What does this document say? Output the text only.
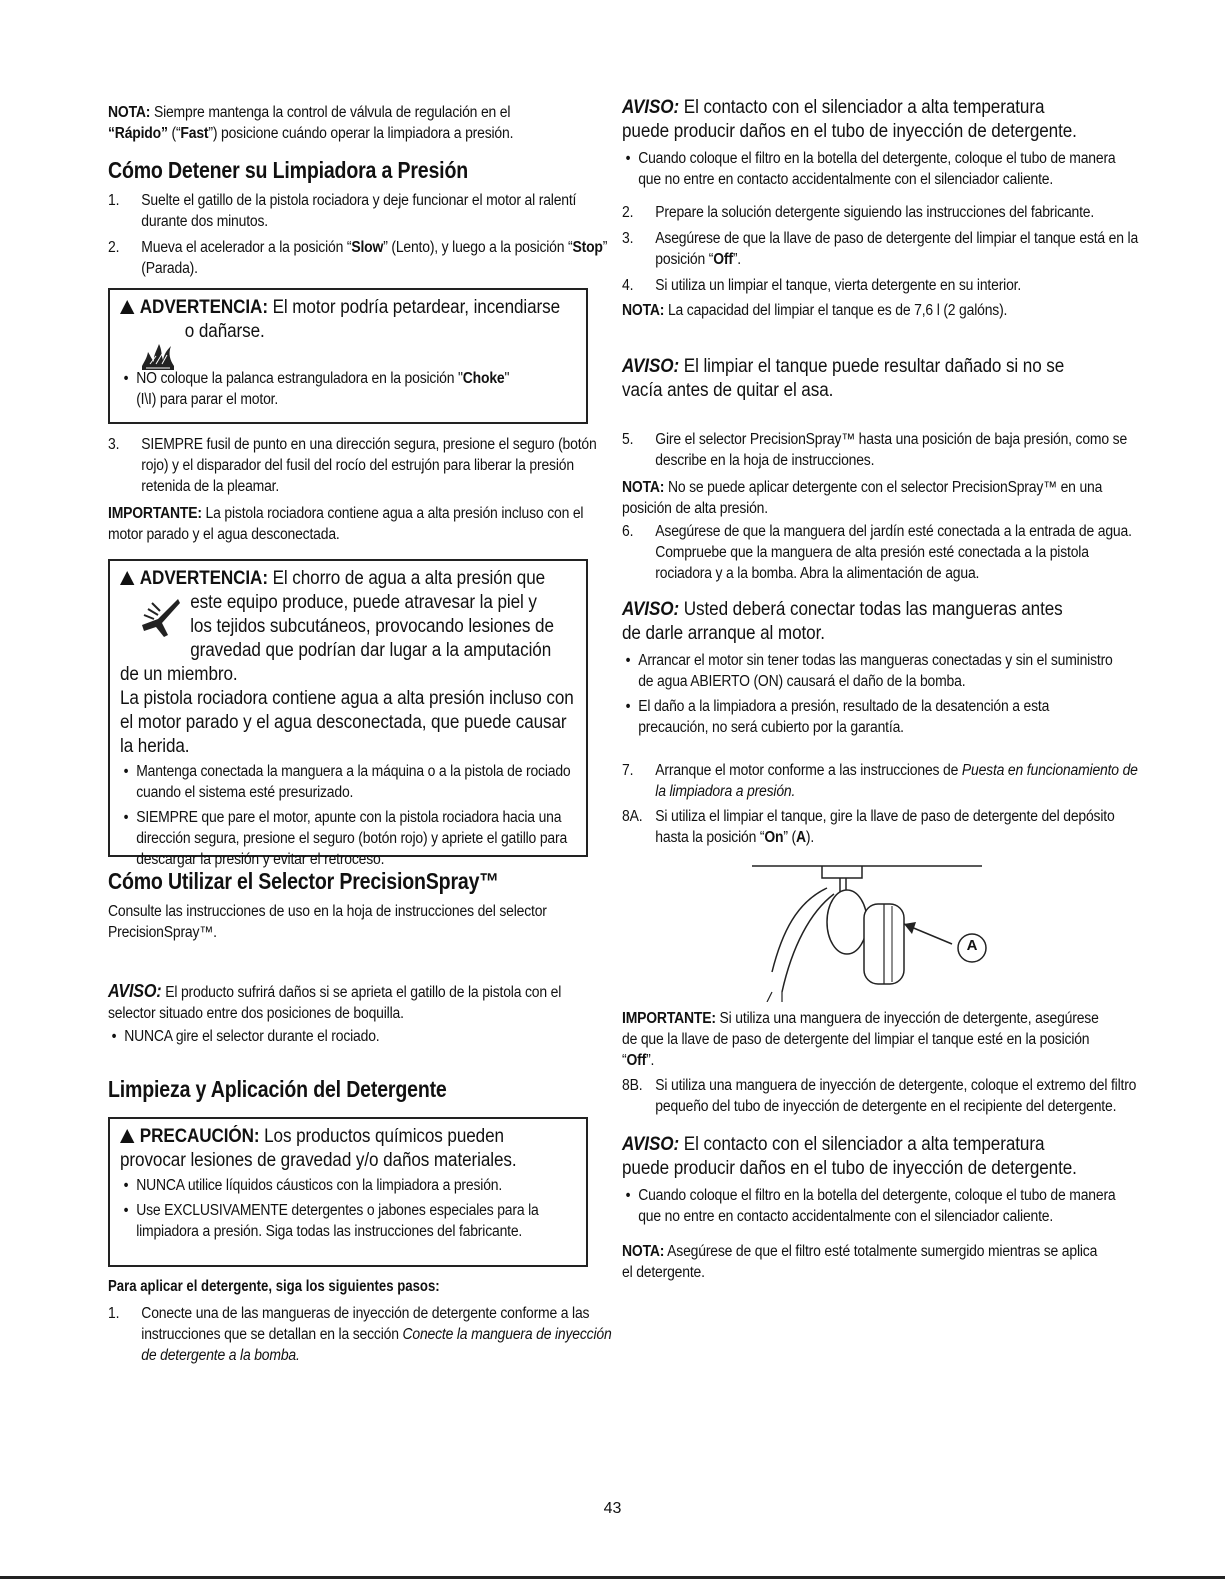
NOTA: Siempre mantenga la control de válvula de regulación en el
“Rápido” (“Fast”) posicione cuándo operar la limpiadora a presión.
Cómo Detener su Limpiadora a Presión
1. Suelte el gatillo de la pistola rociadora y deje funcionar el motor al ralentí durante dos minutos.
2. Mueva el acelerador a la posición “Slow” (Lento), y luego a la posición “Stop” (Parada).
ADVERTENCIA: El motor podría petardear, incendiarse
o dañarse.
• NO coloque la palanca estranguladora en la posición "Choke"
(I\I) para parar el motor.
3. SIEMPRE fusil de punto en una dirección segura, presione el seguro (botón rojo) y el disparador del fusil del rocío del estrujón para liberar la presión retenida de la pleamar.
IMPORTANTE: La pistola rociadora contiene agua a alta presión incluso con el motor parado y el agua desconectada.
ADVERTENCIA: El chorro de agua a alta presión que
este equipo produce, puede atravesar la piel y
los tejidos subcutáneos, provocando lesiones de
gravedad que podrían dar lugar a la amputación
de un miembro.
La pistola rociadora contiene agua a alta presión incluso con el motor parado y el agua desconectada, que puede causar la herida.
• Mantenga conectada la manguera a la máquina o a la pistola de rociado cuando el sistema esté presurizado.
• SIEMPRE que pare el motor, apunte con la pistola rociadora hacia una dirección segura, presione el seguro (botón rojo) y apriete el gatillo para descargar la presión y evitar el retroceso.
Cómo Utilizar el Selector PrecisionSpray™
Consulte las instrucciones de uso en la hoja de instrucciones del selector PrecisionSpray™.
AVISO: El producto sufrirá daños si se aprieta el gatillo de la pistola con el selector situado entre dos posiciones de boquilla.
• NUNCA gire el selector durante el rociado.
Limpieza y Aplicación del Detergente
PRECAUCIÓN: Los productos químicos pueden
provocar lesiones de gravedad y/o daños materiales.
• NUNCA utilice líquidos cáusticos con la limpiadora a presión.
• Use EXCLUSIVAMENTE detergentes o jabones especiales para la limpiadora a presión. Siga todas las instrucciones del fabricante.
Para aplicar el detergente, siga los siguientes pasos:
1. Conecte una de las mangueras de inyección de detergente conforme a las instrucciones que se detallan en la sección Conecte la manguera de inyección de detergente a la bomba.
AVISO: El contacto con el silenciador a alta temperatura
puede producir daños en el tubo de inyección de detergente.
• Cuando coloque el filtro en la botella del detergente, coloque el tubo de manera que no entre en contacto accidentalmente con el silenciador caliente.
2. Prepare la solución detergente siguiendo las instrucciones del fabricante.
3. Asegúrese de que la llave de paso de detergente del limpiar el tanque está en la posición “Off”.
4. Si utiliza un limpiar el tanque, vierta detergente en su interior.
NOTA: La capacidad del limpiar el tanque es de 7,6 l (2 galóns).
AVISO: El limpiar el tanque puede resultar dañado si no se
vacía antes de quitar el asa.
5. Gire el selector PrecisionSpray™ hasta una posición de baja presión, como se describe en la hoja de instrucciones.
NOTA: No se puede aplicar detergente con el selector PrecisionSpray™ en una posición de alta presión.
6. Asegúrese de que la manguera del jardín esté conectada a la entrada de agua. Compruebe que la manguera de alta presión esté conectada a la pistola rociadora y a la bomba. Abra la alimentación de agua.
AVISO: Usted deberá conectar todas las mangueras antes
de darle arranque al motor.
• Arrancar el motor sin tener todas las mangueras conectadas y sin el suministro de agua ABIERTO (ON) causará el daño de la bomba.
• El daño a la limpiadora a presión, resultado de la desatención a esta precaución, no será cubierto por la garantía.
7. Arranque el motor conforme a las instrucciones de Puesta en funcionamiento de la limpiadora a presión.
8A. Si utiliza el limpiar el tanque, gire la llave de paso de detergente del depósito hasta la posición “On” (A).
A
IMPORTANTE: Si utiliza una manguera de inyección de detergente, asegúrese de que la llave de paso de detergente del limpiar el tanque esté en la posición “Off”.
8B. Si utiliza una manguera de inyección de detergente, coloque el extremo del filtro pequeño del tubo de inyección de detergente en el recipiente del detergente.
AVISO: El contacto con el silenciador a alta temperatura
puede producir daños en el tubo de inyección de detergente.
• Cuando coloque el filtro en la botella del detergente, coloque el tubo de manera que no entre en contacto accidentalmente con el silenciador caliente.
NOTA: Asegúrese de que el filtro esté totalmente sumergido mientras se aplica el detergente.
43
